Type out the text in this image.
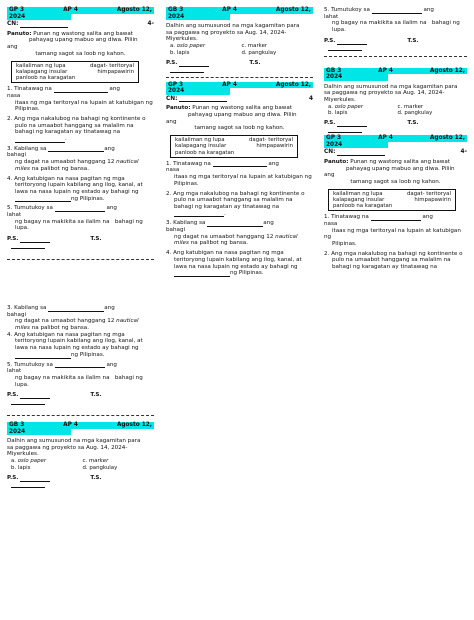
GP 3	AP 4	Agosto 12,
2024
CN:	4-
Panuto: Punan ng wastong salita ang bawat
pahayag upang mabuo ang diwa. Piliin
ang

tamang sagot sa loob ng kahon.
kailaliman ng lupa	dagat- teritoryal
kalapagang insular	himpapawirin
panloob na karagatan
1. Tinatawag na	ang
nasa
itaas ng mga teritoryal na lupain at katubigan ng
Pilipinas.
2. Ang mga nakalubog na bahagi ng kontinente o
pulo na umaabot hanggang sa malalim na
bahagi ng karagatan ay tinatawag na
.
3. Kabilang sa	ang
bahagi
ng dagat na umaabot hanggang 12 nautical
miles na palibot ng bansa.
4. Ang katubigan na nasa pagitan ng mga
teritoryong lupain kabilang ang ilog, kanal, at
lawa na nasa lupain ng estado ay bahagi ng
ng Pilipinas.
5. Tumutukoy sa	ang
lahat
ng bagay na makikita sa ilalim na bahagi ng
lupa.
P.S.	T.S.
3. Kabilang sa	ang
bahagi
ng dagat na umaabot hanggang 12 nautical
miles na palibot ng bansa.
4. Ang katubigan na nasa pagitan ng mga
teritoryong lupain kabilang ang ilog, kanal, at
lawa na nasa lupain ng estado ay bahagi ng
ng Pilipinas.
5. Tumutukoy sa	ang
lahat
ng bagay na makikita sa ilalim na bahagi ng
lupa.
P.S.	T.S.
GB 3	AP 4	Agosto 12,
2024
Dalhin ang sumusunod na mga kagamitan para
sa paggawa ng proyekto sa Aug. 14, 2024-
Miyerkules.
a. oslo paper	c. marker
b. lapis	d. pangkulay
P.S.	T.S.
GB 3	AP 4	Agosto 12,
2024
Dalhin ang sumusunod na mga kagamitan para
sa paggawa ng proyekto sa Aug. 14, 2024-
Miyerkules.
a. oslo paper	c. marker
b. lapis	d. pangkulay
P.S.	T.S.
GP 3	AP 4	Agosto 12,
2024
CN:	4
Panuto: Punan ng wastong salita ang bawat
pahayag upang mabuo ang diwa. Piliin
ang

tamang sagot sa loob ng kahon.
kailaliman ng lupa	dagat- teritoryal
kalapagang insular	himpapawirin
panloob na karagatan
1. Tinatawag na	ang
nasa
itaas ng mga teritoryal na lupain at katubigan ng
Pilipinas.
2. Ang mga nakalubog na bahagi ng kontinente o
pulo na umaabot hanggang sa malalim na
bahagi ng karagatan ay tinatawag na
.
3. Kabilang sa	ang
bahagi
ng dagat na umaabot hanggang 12 nautical
miles na palibot ng bansa.
4. Ang katubigan na nasa pagitan ng mga
teritoryong lupain kabilang ang ilog, kanal, at
lawa na nasa lupain ng estado ay bahagi ng
ng Pilipinas.
5. Tumutukoy sa	ang
lahat
ng bagay na makikita sa ilalim na bahagi ng
lupa.
P.S.	T.S.
GB 3	AP 4	Agosto 12,
2024
Dalhin ang sumusunod na mga kagamitan para
sa paggawa ng proyekto sa Aug. 14, 2024-
Miyerkules.
a. oslo paper	c. marker
b. lapis	d. pangkulay
P.S.	T.S.
GP 3	AP 4	Agosto 12,
2024
CN:	4-
Panuto: Punan ng wastong salita ang bawat
pahayag upang mabuo ang diwa. Piliin
ang

tamang sagot sa loob ng kahon.
kailaliman ng lupa	dagat- teritoryal
kalapagang insular	himpapawirin
panloob na karagatan
1. Tinatawag na	ang
nasa
itaas ng mga teritoryal na lupain at katubigan ng
Pilipinas.
2. Ang mga nakalubog na bahagi ng kontinente o
pulo na umaabot hanggang sa malalim na
bahagi ng karagatan ay tinatawag na
